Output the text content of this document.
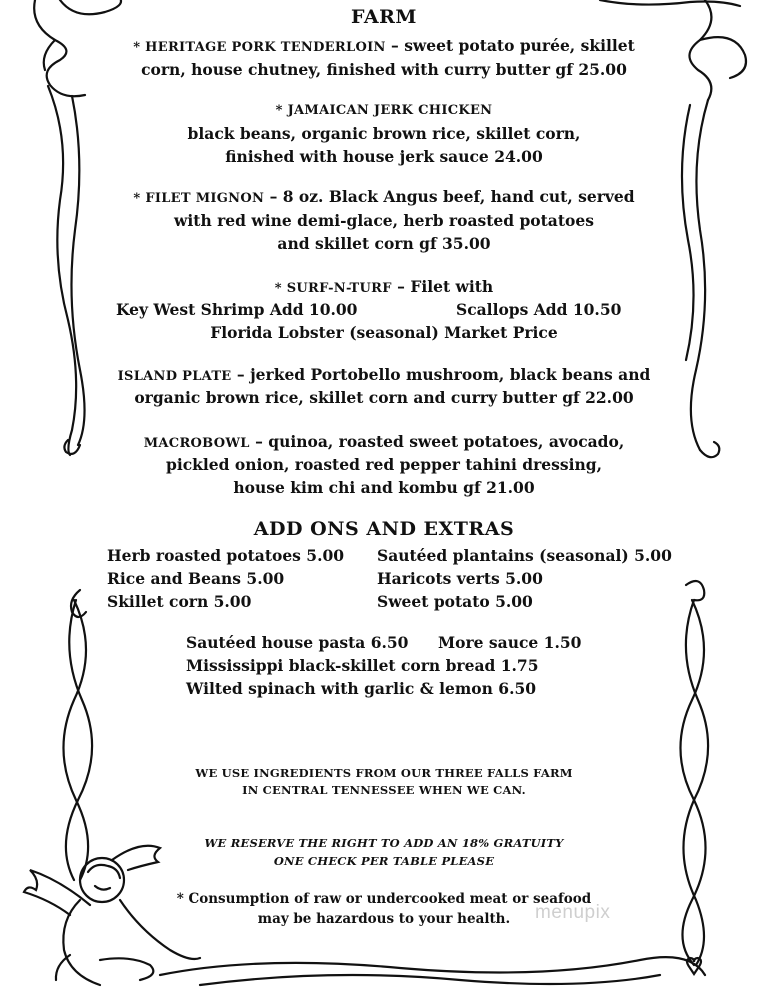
FARM
* HERITAGE PORK TENDERLOIN – sweet potato purée, skillet
corn, house chutney, finished with curry butter gf 25.00
* JAMAICAN JERK CHICKEN
black beans, organic brown rice, skillet corn,
finished with house jerk sauce 24.00
* FILET MIGNON – 8 oz. Black Angus beef, hand cut, served
with red wine demi-glace, herb roasted potatoes
and skillet corn gf 35.00
* SURF-N-TURF – Filet with
Key West Shrimp Add 10.00	Scallops Add 10.50
Florida Lobster (seasonal) Market Price
ISLAND PLATE – jerked Portobello mushroom, black beans and
organic brown rice, skillet corn and curry butter gf 22.00
MACROBOWL – quinoa, roasted sweet potatoes, avocado,
pickled onion, roasted red pepper tahini dressing,
house kim chi and kombu gf 21.00
ADD ONS AND EXTRAS
Herb roasted potatoes 5.00
Rice and Beans 5.00
Skillet corn 5.00
Sautéed plantains (seasonal) 5.00
Haricots verts 5.00
Sweet potato 5.00
Sautéed house pasta 6.50 More sauce 1.50
Mississippi black-skillet corn bread 1.75
Wilted spinach with garlic & lemon 6.50
WE USE INGREDIENTS FROM OUR THREE FALLS FARM
IN CENTRAL TENNESSEE WHEN WE CAN.
WE RESERVE THE RIGHT TO ADD AN 18% GRATUITY
ONE CHECK PER TABLE PLEASE
* Consumption of raw or undercooked meat or seafood
may be hazardous to your health.	menupix
